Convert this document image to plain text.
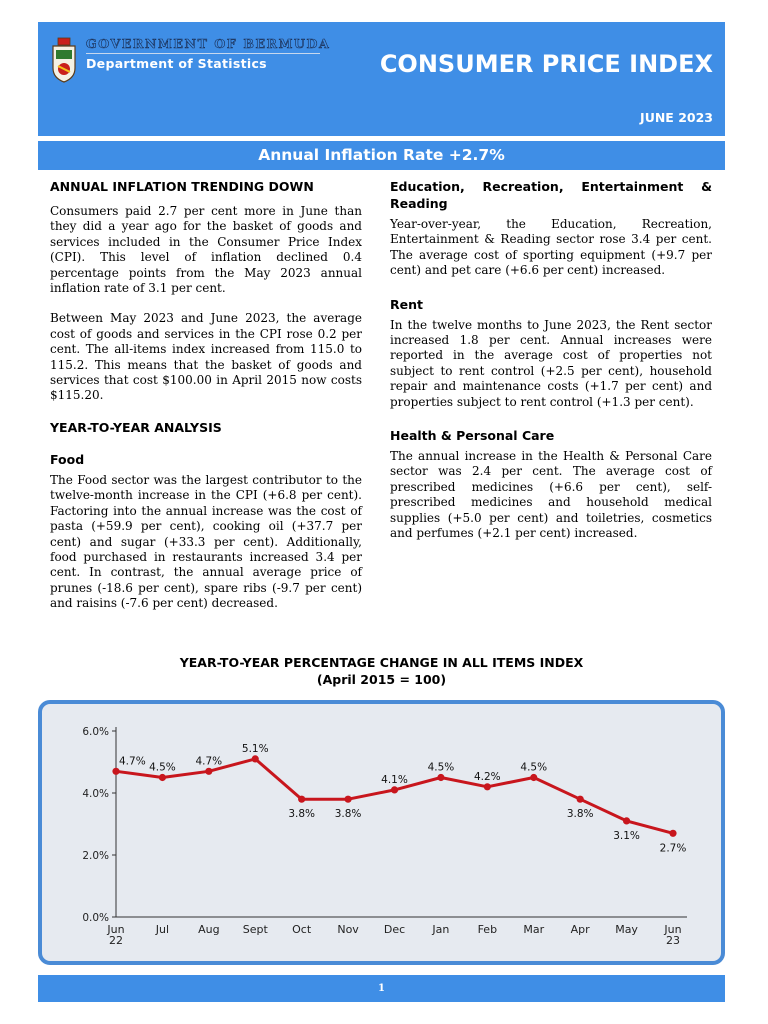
GOVERNMENT OF BERMUDA
Department of Statistics	CONSUMER PRICE INDEX
JUNE 2023
Annual Inflation Rate +2.7%
ANNUAL INFLATION TRENDING DOWN

Consumers paid 2.7 per cent more in June than they did a year ago for the basket of goods and services included in the Consumer Price Index (CPI). This level of inflation declined 0.4 percentage points from the May 2023 annual inflation rate of 3.1 per cent.

Between May 2023 and June 2023, the average cost of goods and services in the CPI rose 0.2 per cent. The all-items index increased from 115.0 to 115.2. This means that the basket of goods and services that cost $100.00 in April 2015 now costs $115.20.

YEAR-TO-YEAR ANALYSIS
Food

The Food sector was the largest contributor to the twelve-month increase in the CPI (+6.8 per cent). Factoring into the annual increase was the cost of pasta (+59.9 per cent), cooking oil (+37.7 per cent) and sugar (+33.3 per cent). Additionally, food purchased in restaurants increased 3.4 per cent. In contrast, the annual average price of prunes (-18.6 per cent), spare ribs (-9.7 per cent) and raisins (-7.6 per cent) decreased.

Education, Recreation, Entertainment & Reading

Year-over-year, the Education, Recreation, Entertainment & Reading sector rose 3.4 per cent. The average cost of sporting equipment (+9.7 per cent) and pet care (+6.6 per cent) increased.

Rent

In the twelve months to June 2023, the Rent sector increased 1.8 per cent. Annual increases were reported in the average cost of properties not subject to rent control (+2.5 per cent), household repair and maintenance costs (+1.7 per cent) and properties subject to rent control (+1.3 per cent).

Health & Personal Care

The annual increase in the Health & Personal Care sector was 2.4 per cent. The average cost of prescribed medicines (+6.6 per cent), self-prescribed medicines and household medical supplies (+5.0 per cent) and toiletries, cosmetics and perfumes (+2.1 per cent) increased.

YEAR-TO-YEAR PERCENTAGE CHANGE IN ALL ITEMS INDEX
(April 2015 = 100)
0.0%
2.0%
4.0%
6.0%
Jun
22
Jul	Aug Sept Oct Nov Dec Jan	Feb Mar Apr May Jun
23
4.7%
4.5%
4.7%
5.1%
3.8% 3.8%
4.1%
4.5%
4.2%
4.5%
3.8%
3.1%
2.7%
1
